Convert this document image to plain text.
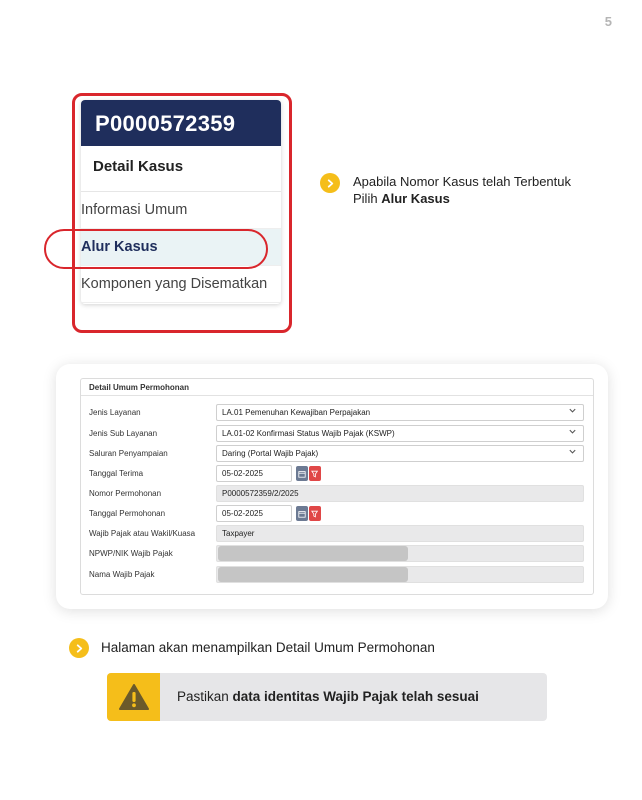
5
P0000572359
Detail Kasus
Informasi Umum
Alur Kasus
Komponen yang Disematkan
Apabila Nomor Kasus telah Terbentuk
Pilih Alur Kasus
Detail Umum Permohonan
Jenis Layanan	LA.01 Pemenuhan Kewajiban Perpajakan
Jenis Sub Layanan	LA.01-02 Konfirmasi Status Wajib Pajak (KSWP)
Saluran Penyampaian	Daring (Portal Wajib Pajak)
Tanggal Terima	05-02-2025
Nomor Permohonan	P0000572359/2/2025
Tanggal Permohonan	05-02-2025
Wajib Pajak atau Wakil/Kuasa	Taxpayer
NPWP/NIK Wajib Pajak
Nama Wajib Pajak
Halaman akan menampilkan Detail Umum Permohonan
Pastikan data identitas Wajib Pajak telah sesuai
